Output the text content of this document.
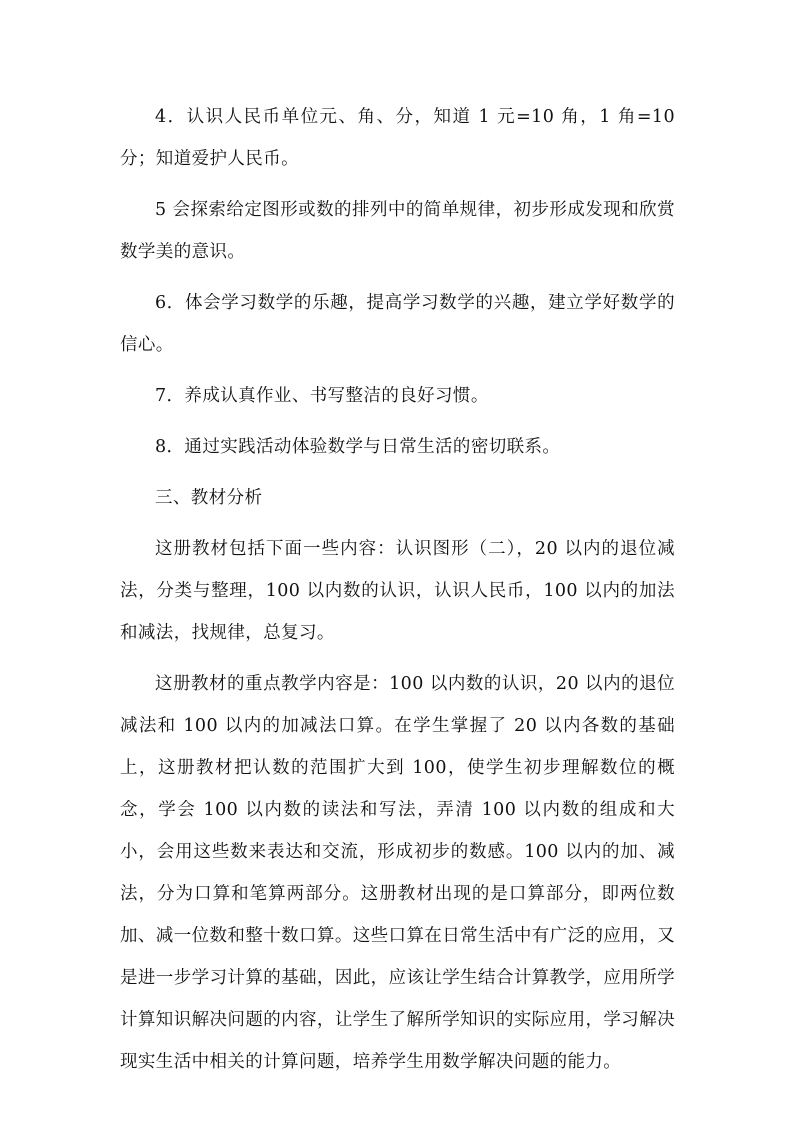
4．认识人民币单位元、角、分，知道 1 元=10 角，1 角=10 分；知道爱护人民币。

5 会探索给定图形或数的排列中的简单规律，初步形成发现和欣赏数学美的意识。

6．体会学习数学的乐趣，提高学习数学的兴趣，建立学好数学的信心。

7．养成认真作业、书写整洁的良好习惯。

8．通过实践活动体验数学与日常生活的密切联系。

三、教材分析

这册教材包括下面一些内容：认识图形（二），20 以内的退位减法，分类与整理，100 以内数的认识，认识人民币，100 以内的加法和减法，找规律，总复习。

这册教材的重点教学内容是：100 以内数的认识，20 以内的退位减法和 100 以内的加减法口算。在学生掌握了 20 以内各数的基础上，这册教材把认数的范围扩大到 100，使学生初步理解数位的概念，学会 100 以内数的读法和写法，弄清 100 以内数的组成和大小，会用这些数来表达和交流，形成初步的数感。100 以内的加、减法，分为口算和笔算两部分。这册教材出现的是口算部分，即两位数加、减一位数和整十数口算。这些口算在日常生活中有广泛的应用，又是进一步学习计算的基础，因此，应该让学生结合计算教学，应用所学计算知识解决问题的内容，让学生了解所学知识的实际应用，学习解决现实生活中相关的计算问题，培养学生用数学解决问题的能力。
